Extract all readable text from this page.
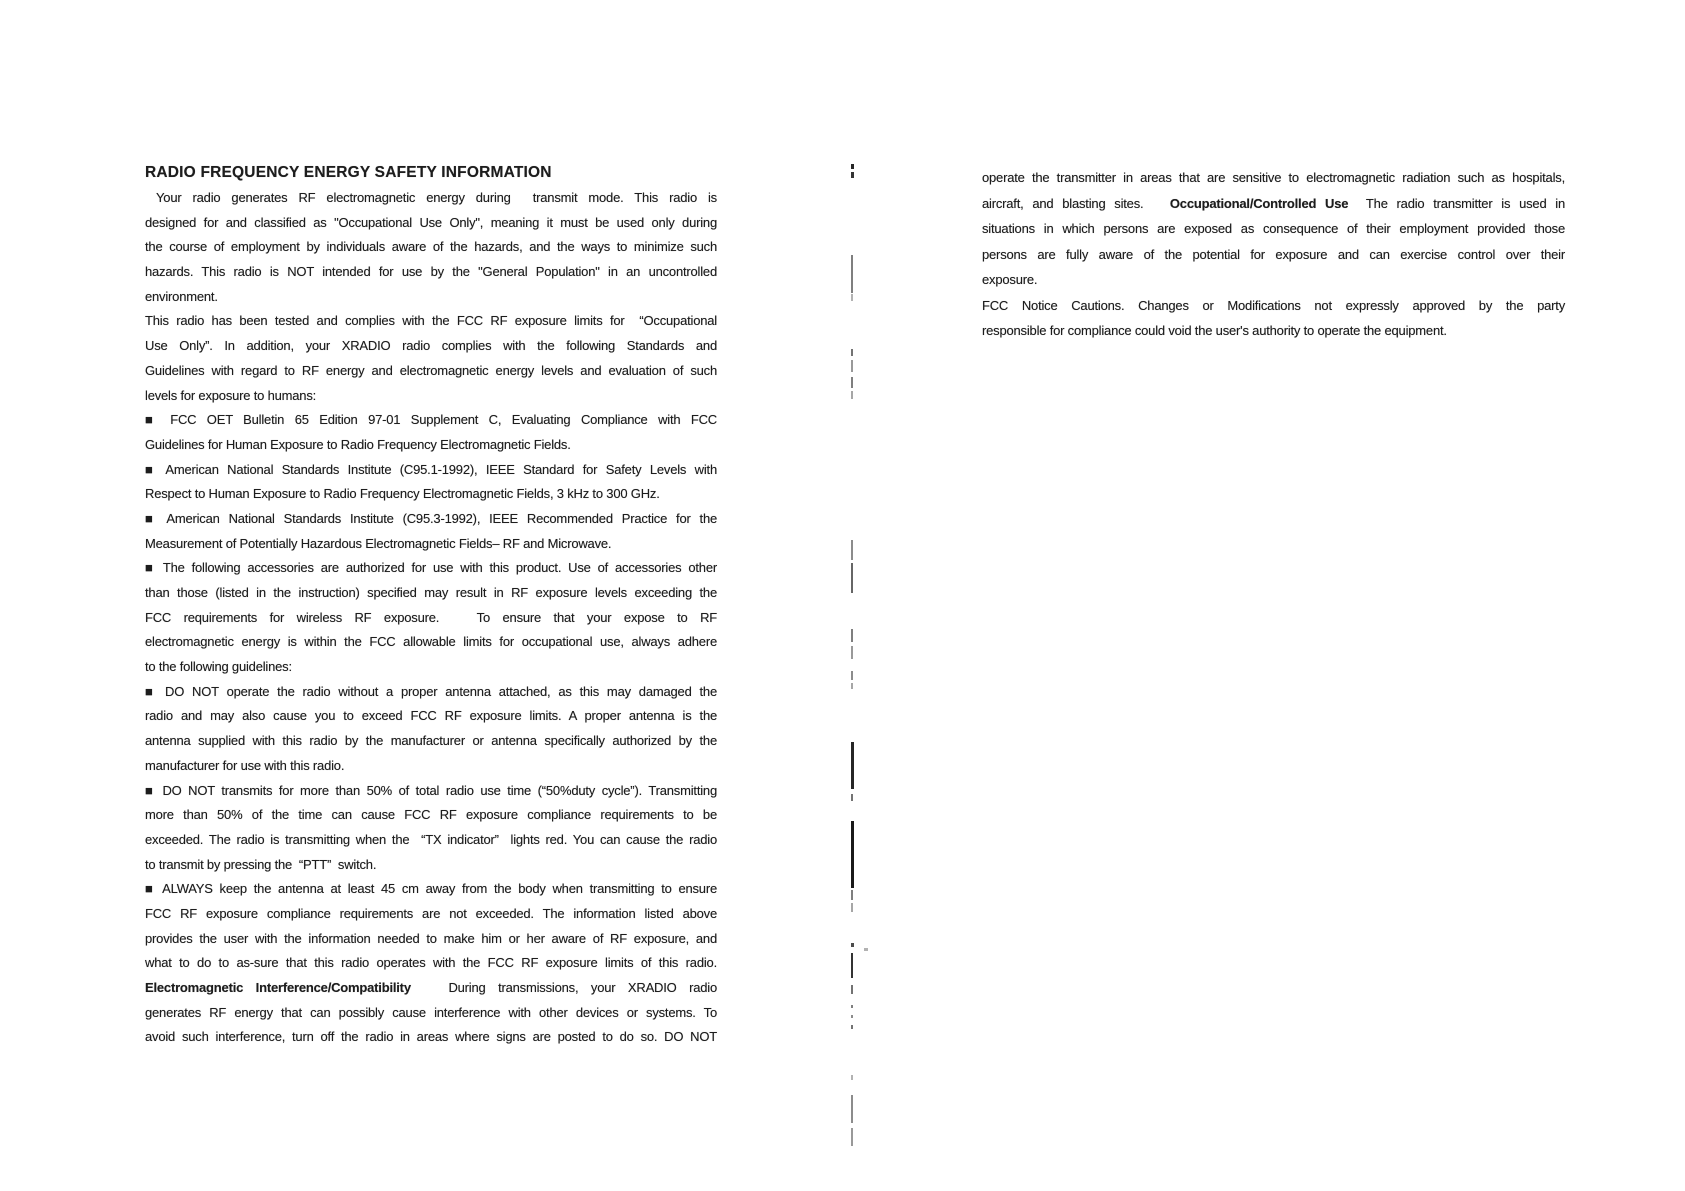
RADIO FREQUENCY ENERGY SAFETY INFORMATION
Your radio generates RF electromagnetic energy during  transmit mode. This radio is
designed for and classified as "Occupational Use Only", meaning it must be used only during
the course of employment by individuals aware of the hazards, and the ways to minimize such
hazards. This radio is NOT intended for use by the "General Population" in an uncontrolled
environment.
This radio has been tested and complies with the FCC RF exposure limits for  “Occupational
Use Only”. In addition, your XRADIO radio complies with the following Standards and
Guidelines with regard to RF energy and electromagnetic energy levels and evaluation of such
levels for exposure to humans:
■ FCC OET Bulletin 65 Edition 97-01 Supplement C, Evaluating Compliance with FCC
Guidelines for Human Exposure to Radio Frequency Electromagnetic Fields.
■ American National Standards Institute (C95.1-1992), IEEE Standard for Safety Levels with
Respect to Human Exposure to Radio Frequency Electromagnetic Fields, 3 kHz to 300 GHz.
■ American National Standards Institute (C95.3-1992), IEEE Recommended Practice for the
Measurement of Potentially Hazardous Electromagnetic Fields– RF and Microwave.
■ The following accessories are authorized for use with this product. Use of accessories other
than those (listed in the instruction) specified may result in RF exposure levels exceeding the
FCC requirements for wireless RF exposure.   To ensure that your expose to RF
electromagnetic energy is within the FCC allowable limits for occupational use, always adhere
to the following guidelines:
■ DO NOT operate the radio without a proper antenna attached, as this may damaged the
radio and may also cause you to exceed FCC RF exposure limits. A proper antenna is the
antenna supplied with this radio by the manufacturer or antenna specifically authorized by the
manufacturer for use with this radio.
■ DO NOT transmits for more than 50% of total radio use time (“50%duty cycle”). Transmitting
more than 50% of the time can cause FCC RF exposure compliance requirements to be
exceeded. The radio is transmitting when the  “TX indicator”  lights red. You can cause the radio
to transmit by pressing the  “PTT”  switch.
■ ALWAYS keep the antenna at least 45 cm away from the body when transmitting to ensure
FCC RF exposure compliance requirements are not exceeded. The information listed above
provides the user with the information needed to make him or her aware of RF exposure, and
what to do to as-sure that this radio operates with the FCC RF exposure limits of this radio.
Electromagnetic Interference/Compatibility   During transmissions, your XRADIO radio
generates RF energy that can possibly cause interference with other devices or systems. To
avoid such interference, turn off the radio in areas where signs are posted to do so. DO NOT
operate the transmitter in areas that are sensitive to electromagnetic radiation such as hospitals,
aircraft, and blasting sites.   Occupational/Controlled Use  The radio transmitter is used in
situations in which persons are exposed as consequence of their employment provided those
persons are fully aware of the potential for exposure and can exercise control over their
exposure.
FCC Notice Cautions. Changes or Modifications not expressly approved by the party
responsible for compliance could void the user's authority to operate the equipment.
